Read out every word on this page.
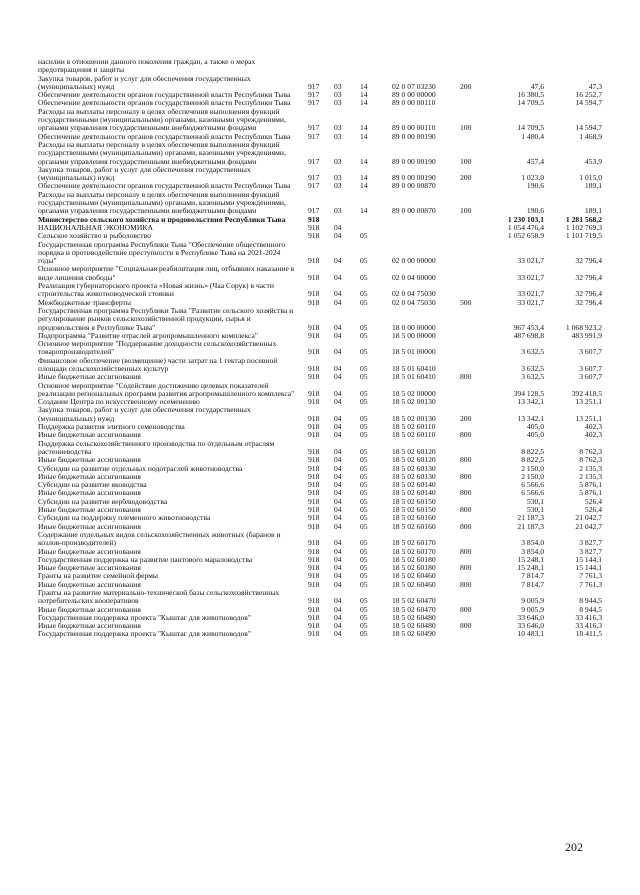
насилии в отношении данного поколения граждан, а также о мерах предотвращения и защиты							
Закупка товаров, работ и услуг для обеспечения государственных (муниципальных) нужд	917	03	14	02 0 07 03230	200	47,6	47,3
Обеспечение деятельности органов государственной власти Республики Тыва	917	03	14	89 0 00 00000		16 380,5	16 252,7
Обеспечение деятельности органов государственной власти Республики Тыва	917	03	14	89 0 00 00110		14 709,5	14 594,7
Расходы на выплаты персоналу в целях обеспечения выполнения функций государственными (муниципальными) органами, казенными учреждениями, органами управления государственными внебюджетными фондами	917	03	14	89 0 00 00110	100	14 709,5	14 594,7
Обеспечение деятельности органов государственной власти Республики Тыва	917	03	14	89 0 00 00190		1 480,4	1 468,9
Расходы на выплаты персоналу в целях обеспечения выполнения функций государственными (муниципальными) органами, казенными учреждениями, органами управления государственными внебюджетными фондами	917	03	14	89 0 00 00190	100	457,4	453,9
Закупка товаров, работ и услуг для обеспечения государственных (муниципальных) нужд	917	03	14	89 0 00 00190	200	1 023,0	1 015,0
Обеспечение деятельности органов государственной власти Республики Тыва	917	03	14	89 0 00 00870		190,6	189,1
Расходы на выплаты персоналу в целях обеспечения выполнения функций государственными (муниципальными) органами, казенными учреждениями, органами управления государственными внебюджетными фондами	917	03	14	89 0 00 00870	100	190,6	189,1
Министерство сельского хозяйства и продовольствия Республики Тыва	918					1 230 103,1	1 281 568,2
НАЦИОНАЛЬНАЯ ЭКОНОМИКА	918	04				1 054 476,4	1 102 769,3
Сельское хозяйство и рыболовство	918	04	05			1 052 658,9	1 101 719,5
Государственная программа Республики Тыва "Обеспечение общественного порядка и противодействие преступности в Республике Тыва на 2021-2024 годы"	918	04	05	02 0 00 00000		33 021,7	32 796,4
Основное мероприятие "Социальная реабилитация лиц, отбывших наказание в виде лишения свободы"	918	04	05	02 0 04 00000		33 021,7	32 796,4
Реализация губернаторского проекта «Новая жизнь» (Чаа Сорук) в части строительства животноводческой стоянки	918	04	05	02 0 04 75030		33 021,7	32 796,4
Межбюджетные трансферты	918	04	05	02 0 04 75030	500	33 021,7	32 796,4
Государственная программа Республики Тыва "Развитие сельского хозяйства и регулирование рынков сельскохозяйственной продукции, сырья и продовольствия в Республике Тыва"	918	04	05	18 0 00 00000		967 453,4	1 068 923,2
Подпрограмма "Развитие отраслей агропромышленного комплекса"	918	04	05	18 5 00 00000		487 698,8	483 991,9
Основное мероприятие "Поддержание доходности сельскохозяйственных товаропроизводителей"	918	04	05	18 5 01 00000		3 632,5	3 607,7
Финансовое обеспечение (возмещение) части затрат на 1 гектар посевной площади сельскохозяйственных культур	918	04	05	18 5 01 60410		3 632,5	3 607,7
Иные бюджетные ассигнования	918	04	05	18 5 01 60410	800	3 632,5	3 607,7
Основное мероприятие "Содействие достижению целевых показателей реализации региональных программ развития агропромышленного комплекса"	918	04	05	18 5 02 00000		394 128,5	392 418,5
Создание Центра по искусственному осеменению	918	04	05	18 5 02 00130		13 342,1	13 251,1
Закупка товаров, работ и услуг для обеспечения государственных (муниципальных) нужд	918	04	05	18 5 02 00130	200	13 342,1	13 251,1
Поддержка развития элитного семеноводства	918	04	05	18 5 02 60110		405,0	402,3
Иные бюджетные ассигнования	918	04	05	18 5 02 60110	800	405,0	402,3
Поддержка сельскохозяйственного производства по отдельным отраслям растениеводства	918	04	05	18 5 02 60120		8 822,5	8 762,3
Иные бюджетные ассигнования	918	04	05	18 5 02 60120	800	8 822,5	8 762,3
Субсидии на развитие отдельных подотраслей животноводства	918	04	05	18 5 02 60130		2 150,0	2 135,3
Иные бюджетные ассигнования	918	04	05	18 5 02 60130	800	2 150,0	2 135,3
Субсидии на развитие яководства	918	04	05	18 5 02 60140		6 566,6	5 876,1
Иные бюджетные ассигнования	918	04	05	18 5 02 60140	800	6 566,6	5 876,1
Субсидии на развитие верблюдоводства	918	04	05	18 5 02 60150		530,1	526,4
Иные бюджетные ассигнования	918	04	05	18 5 02 60150	800	530,1	526,4
Субсидии на поддержку племенного животноводства	918	04	05	18 5 02 60160		21 187,3	21 042,7
Иные бюджетные ассигнования	918	04	05	18 5 02 60160	800	21 187,3	21 042,7
Содержание отдельных видов сельскохозяйственных животных (баранов и козлов-производителей)	918	04	05	18 5 02 60170		3 854,0	3 827,7
Иные бюджетные ассигнования	918	04	05	18 5 02 60170	800	3 854,0	3 827,7
Государственная поддержка на развитие пантового мараловодства	918	04	05	18 5 02 60180		15 248,1	15 144,1
Иные бюджетные ассигнования	918	04	05	18 5 02 60180	800	15 248,1	15 144,1
Гранты на развитие семейной фермы	918	04	05	18 5 02 60460		7 814,7	7 761,3
Иные бюджетные ассигнования	918	04	05	18 5 02 60460	800	7 814,7	7 761,3
Гранты на развитие материально-технической базы сельскохозяйственных потребительских кооперативов	918	04	05	18 5 02 60470		9 005,9	8 944,5
Иные бюджетные ассигнования	918	04	05	18 5 02 60470	800	9 005,9	8 944,5
Государственная поддержка проекта "Кыштаг для животноводов"	918	04	05	18 5 02 60480		33 646,0	33 416,3
Иные бюджетные ассигнования	918	04	05	18 5 02 60480	800	33 646,0	33 416,3
Государственная поддержка проекта "Кыштаг для животноводов"	918	04	05	18 5 02 60490		10 483,1	10 411,5
202
